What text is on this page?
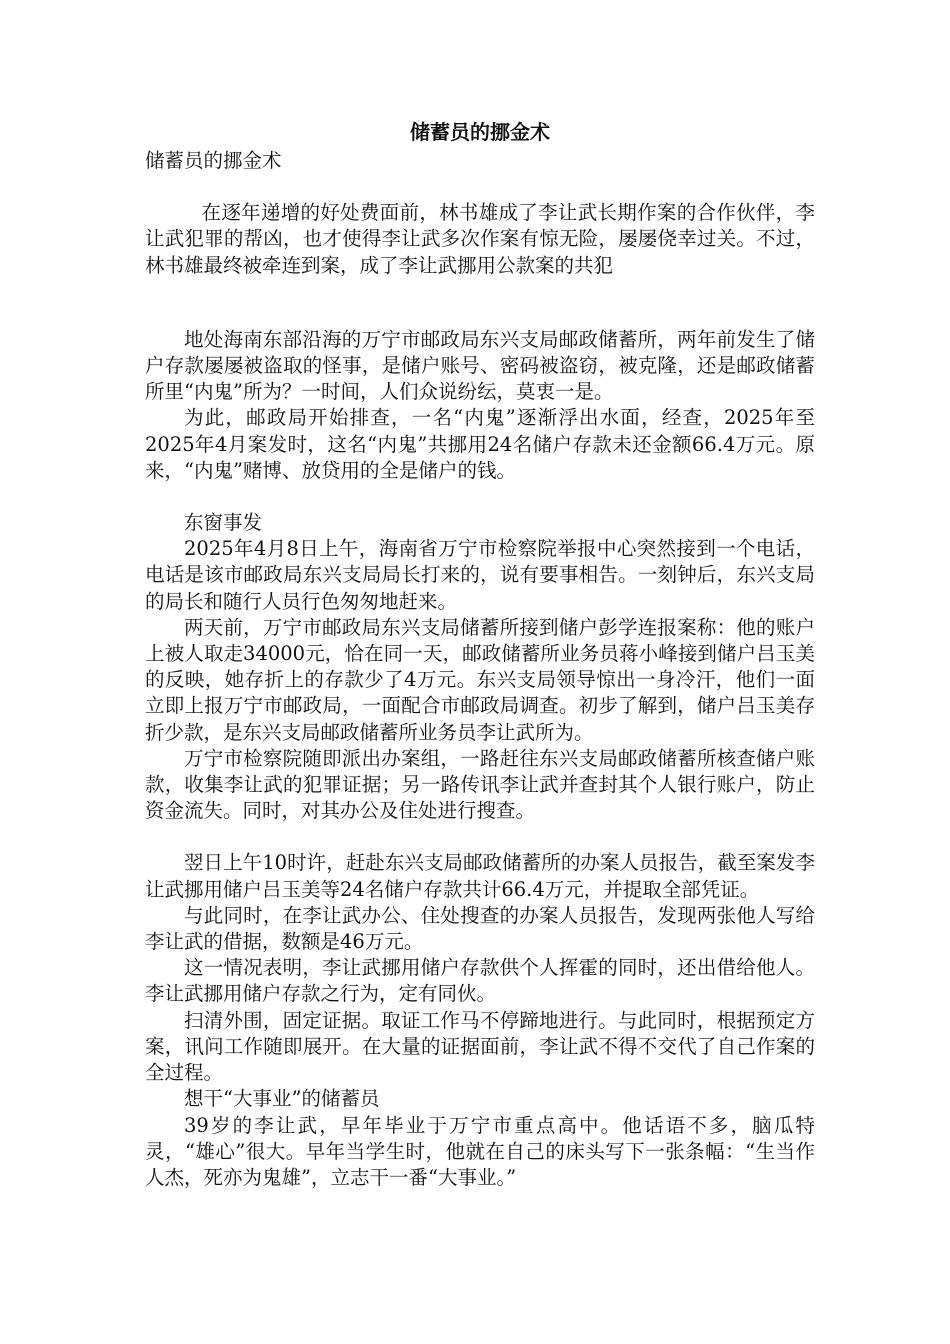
储蓄员的挪金术
储蓄员的挪金术

在逐年递增的好处费面前，林书雄成了李让武长期作案的合作伙伴，李让武犯罪的帮凶，也才使得李让武多次作案有惊无险，屡屡侥幸过关。不过，林书雄最终被牵连到案，成了李让武挪用公款案的共犯

地处海南东部沿海的万宁市邮政局东兴支局邮政储蓄所，两年前发生了储户存款屡屡被盗取的怪事，是储户账号、密码被盗窃，被克隆，还是邮政储蓄所里“内鬼”所为？一时间，人们众说纷纭，莫衷一是。

为此，邮政局开始排查，一名“内鬼”逐渐浮出水面，经查，2025年至2025年4月案发时，这名“内鬼”共挪用24名储户存款未还金额66.4万元。原来，“内鬼”赌博、放贷用的全是储户的钱。

东窗事发

2025年4月8日上午，海南省万宁市检察院举报中心突然接到一个电话，电话是该市邮政局东兴支局局长打来的，说有要事相告。一刻钟后，东兴支局的局长和随行人员行色匆匆地赶来。

两天前，万宁市邮政局东兴支局储蓄所接到储户彭学连报案称：他的账户上被人取走34000元，恰在同一天，邮政储蓄所业务员蒋小峰接到储户吕玉美的反映，她存折上的存款少了4万元。东兴支局领导惊出一身冷汗，他们一面立即上报万宁市邮政局，一面配合市邮政局调查。初步了解到，储户吕玉美存折少款，是东兴支局邮政储蓄所业务员李让武所为。

万宁市检察院随即派出办案组，一路赶往东兴支局邮政储蓄所核查储户账款，收集李让武的犯罪证据；另一路传讯李让武并查封其个人银行账户，防止资金流失。同时，对其办公及住处进行搜查。

翌日上午10时许，赶赴东兴支局邮政储蓄所的办案人员报告，截至案发李让武挪用储户吕玉美等24名储户存款共计66.4万元，并提取全部凭证。

与此同时，在李让武办公、住处搜查的办案人员报告，发现两张他人写给李让武的借据，数额是46万元。

这一情况表明，李让武挪用储户存款供个人挥霍的同时，还出借给他人。李让武挪用储户存款之行为，定有同伙。

扫清外围，固定证据。取证工作马不停蹄地进行。与此同时，根据预定方案，讯问工作随即展开。在大量的证据面前，李让武不得不交代了自己作案的全过程。

想干“大事业”的储蓄员

39岁的李让武，早年毕业于万宁市重点高中。他话语不多，脑瓜特灵，“雄心”很大。早年当学生时，他就在自己的床头写下一张条幅：“生当作人杰，死亦为鬼雄”，立志干一番“大事业。”
